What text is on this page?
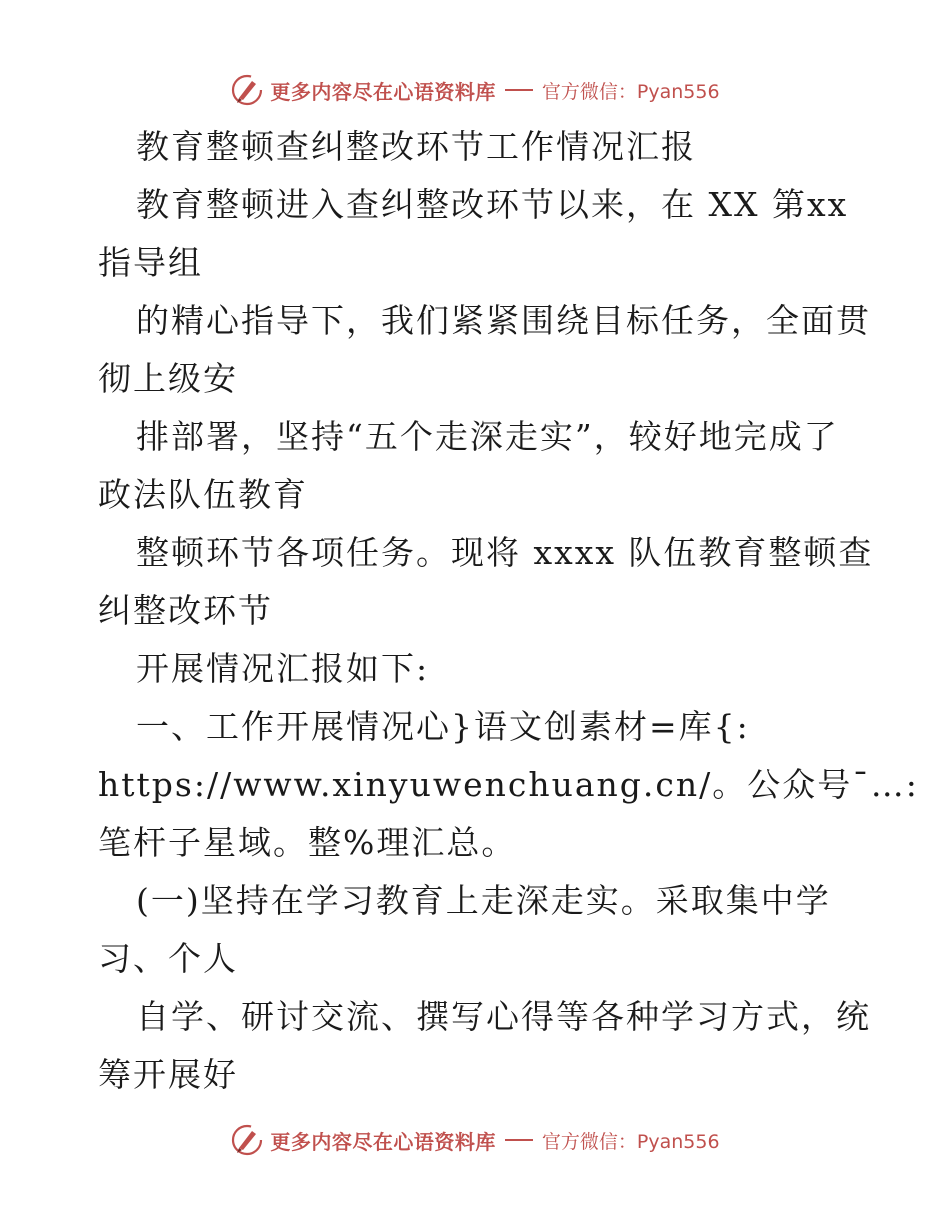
更多内容尽在心语资料库 官方微信：Pyan556
教育整顿查纠整改环节工作情况汇报
教育整顿进入查纠整改环节以来，在 XX 第xx
指导组
的精心指导下，我们紧紧围绕目标任务，全面贯
彻上级安
排部署，坚持“五个走深走实”，较好地完成了
政法队伍教育
整顿环节各项任务。现将 xxxx 队伍教育整顿查
纠整改环节
开展情况汇报如下:
一、工作开展情况心}语文创素材=库{:
https://www.xinyuwenchuang.cn/。公众号¯…:
笔杆子星域。整%理汇总。
(一)坚持在学习教育上走深走实。采取集中学
习、个人
自学、研讨交流、撰写心得等各种学习方式，统
筹开展好
更多内容尽在心语资料库 官方微信：Pyan556
